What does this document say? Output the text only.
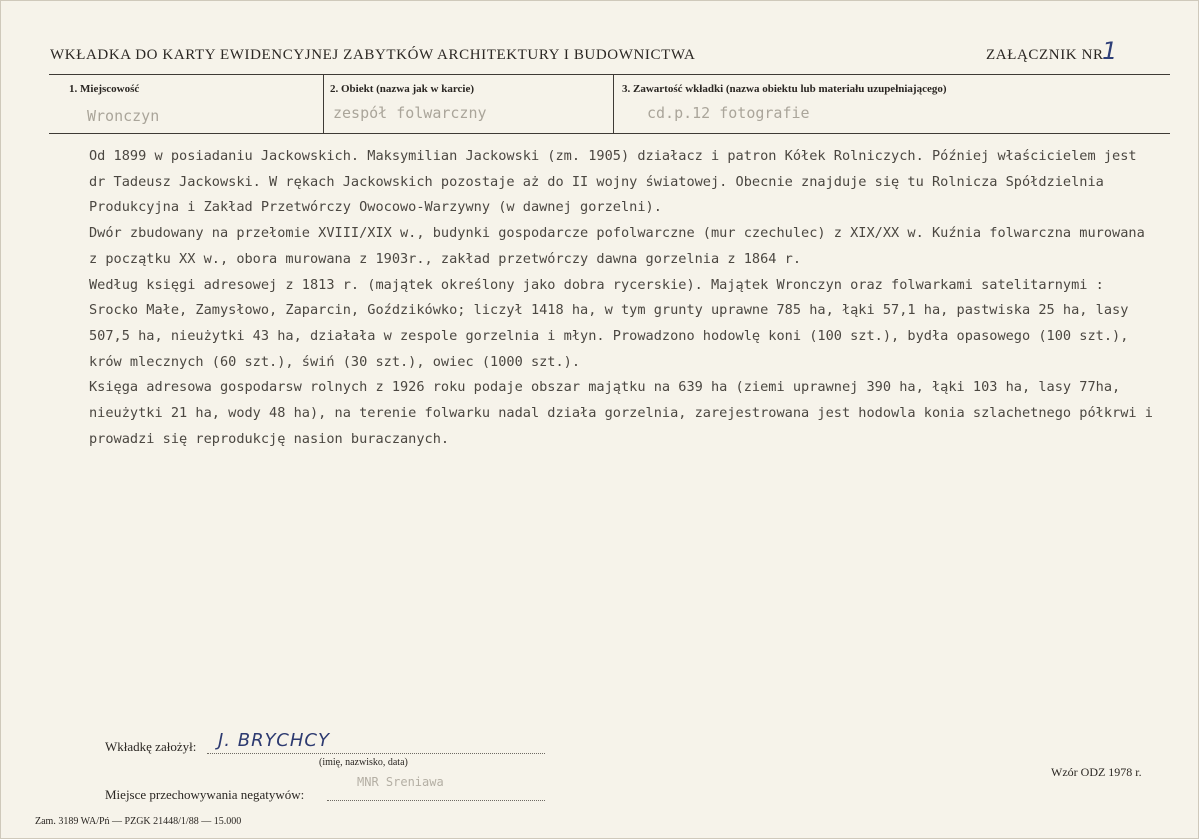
WKŁADKA DO KARTY EWIDENCYJNEJ ZABYTKÓW ARCHITEKTURY I BUDOWNICTWA	ZAŁĄCZNIK NR
1
1. Miejscowość
Wronczyn
2. Obiekt (nazwa jak w karcie)
zespół folwarczny
3. Zawartość wkładki (nazwa obiektu lub materiału uzupełniającego)
cd.p.12 fotografie

Od 1899 w posiadaniu Jackowskich. Maksymilian Jackowski (zm. 1905) działacz i patron Kółek Rolniczych. Później właścicielem jest dr Tadeusz Jackowski. W rękach Jackowskich pozostaje aż do II wojny światowej. Obecnie znajduje się tu Rolnicza Spółdzielnia Produkcyjna i Zakład Przetwórczy Owocowo-Warzywny (w dawnej gorzelni).

Dwór zbudowany na przełomie XVIII/XIX w., budynki gospodarcze pofolwarczne (mur czechulec) z XIX/XX w. Kuźnia folwarczna murowana z początku XX w., obora murowana z 1903r., zakład przetwórczy dawna gorzelnia z 1864 r.

Według księgi adresowej z 1813 r. (majątek określony jako dobra rycerskie). Majątek Wronczyn oraz folwarkami satelitarnymi : Srocko Małe, Zamysłowo, Zaparcin, Goździkówko; liczył 1418 ha, w tym grunty uprawne 785 ha, łąki 57,1 ha, pastwiska 25 ha, lasy 507,5 ha, nieużytki 43 ha, działała w zespole gorzelnia i młyn. Prowadzono hodowlę koni (100 szt.), bydła opasowego (100 szt.), krów mlecznych (60 szt.), świń (30 szt.), owiec (1000 szt.).

Księga adresowa gospodarsw rolnych z 1926 roku podaje obszar majątku na 639 ha (ziemi uprawnej 390 ha, łąki 103 ha, lasy 77ha, nieużytki 21 ha, wody 48 ha), na terenie folwarku nadal działa gorzelnia, zarejestrowana jest hodowla konia szlachetnego półkrwi i prowadzi się reprodukcję nasion buraczanych.

Wkładkę założył: J. BRYCHCY
(imię, nazwisko, data)
Miejsce przechowywania negatywów:
MNR Sreniawa
Wzór ODZ 1978 r.
Zam. 3189 WA/Pń — PZGK 21448/1/88 — 15.000
